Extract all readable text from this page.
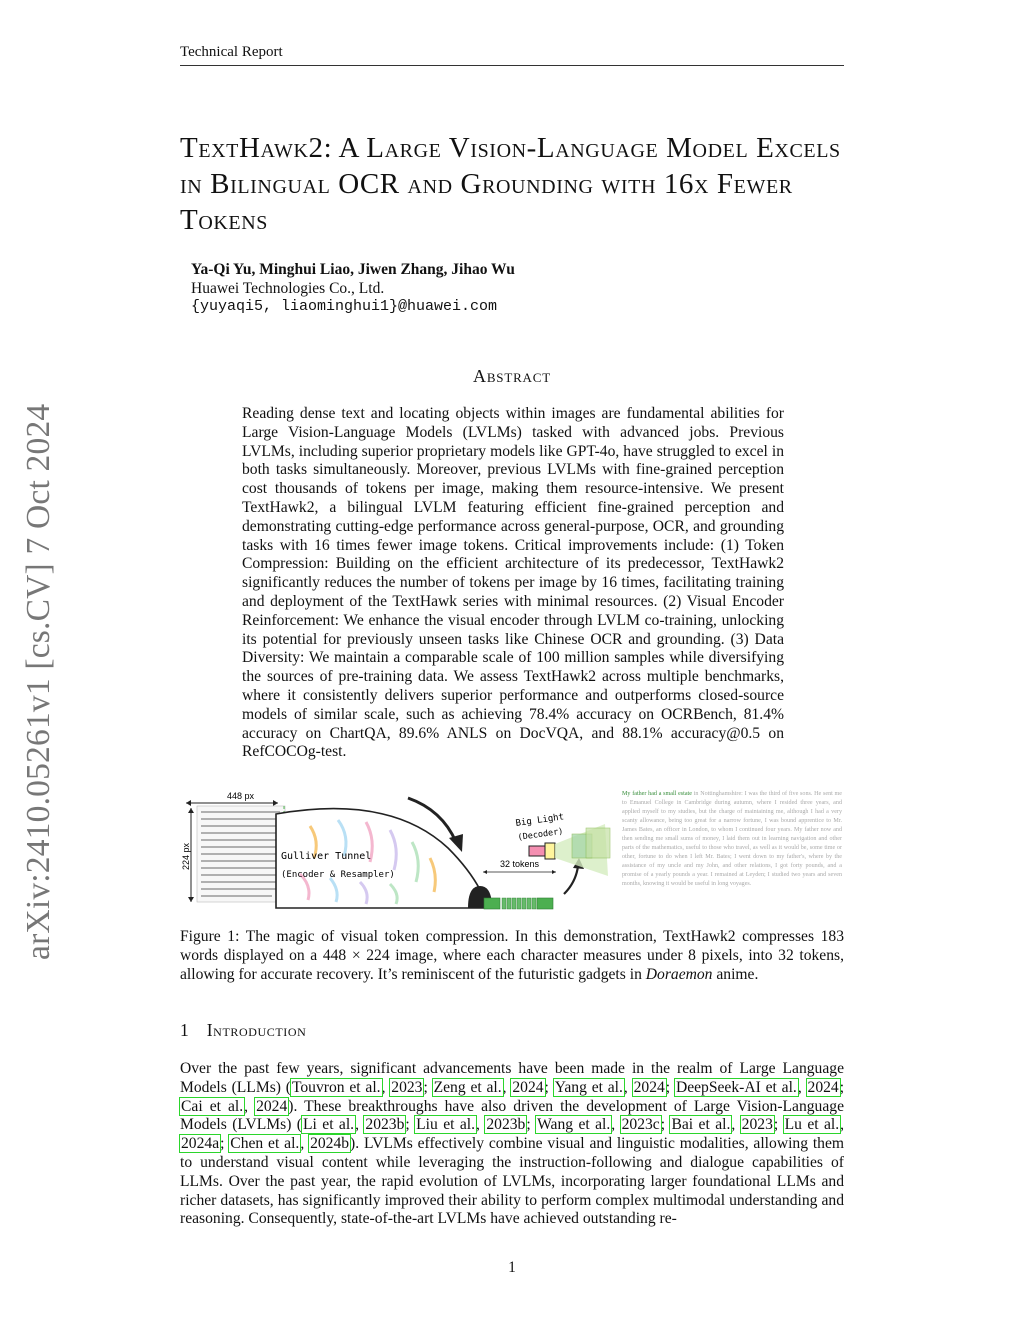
Technical Report
arXiv:2410.05261v1 [cs.CV] 7 Oct 2024
TextHawk2: A Large Vision-Language Model Excels in Bilingual OCR and Grounding with 16x Fewer Tokens
Ya-Qi Yu, Minghui Liao, Jiwen Zhang, Jihao Wu
Huawei Technologies Co., Ltd.
{yuyaqi5, liaominghui1}@huawei.com
Abstract
Reading dense text and locating objects within images are fundamental abilities for Large Vision-Language Models (LVLMs) tasked with advanced jobs. Previous LVLMs, including superior proprietary models like GPT-4o, have struggled to excel in both tasks simultaneously. Moreover, previous LVLMs with fine-grained perception cost thousands of tokens per image, making them resource-intensive. We present TextHawk2, a bilingual LVLM featuring efficient fine-grained perception and demonstrating cutting-edge performance across general-purpose, OCR, and grounding tasks with 16 times fewer image tokens. Critical improvements include: (1) Token Compression: Building on the efficient architecture of its predecessor, TextHawk2 significantly reduces the number of tokens per image by 16 times, facilitating training and deployment of the TextHawk series with minimal resources. (2) Visual Encoder Reinforcement: We enhance the visual encoder through LVLM co-training, unlocking its potential for previously unseen tasks like Chinese OCR and grounding. (3) Data Diversity: We maintain a comparable scale of 100 million samples while diversifying the sources of pre-training data. We assess TextHawk2 across multiple benchmarks, where it consistently delivers superior performance and outperforms closed-source models of similar scale, such as achieving 78.4% accuracy on OCRBench, 81.4% accuracy on ChartQA, 89.6% ANLS on DocVQA, and 88.1% accuracy@0.5 on RefCOCOg-test.
448 px
224 px	Gulliver Tunnel
(Encoder & Resampler)
32 tokens
Big Light
(Decoder)
My father had a small estate in Nottinghamshire: I was the third of five sons. He sent me to Emanuel College in Cambridge during autumn, where I resided three years, and applied myself to my studies, but the charge of maintaining me, although I had a very scanty allowance, being too great for a narrow fortune, I was bound apprentice to Mr. James Bates, an officer in London, to whom I continued four years. My father now and then sending me small sums of money, I laid them out in learning navigation and other parts of the mathematics, useful to those who travel, as well as it would be, some time or other, fortune to do when I left Mr. Bates; I went down to my father's, where by the assistance of my uncle and my John, and other relations, I got forty pounds, and a promise of a yearly pounds a year. I remained at Leyden; I studied two years and seven months, knowing it would be useful in long voyages.
Figure 1: The magic of visual token compression. In this demonstration, TextHawk2 compresses 183 words displayed on a 448 × 224 image, where each character measures under 8 pixels, into 32 tokens, allowing for accurate recovery. It’s reminiscent of the futuristic gadgets in Doraemon anime.
1 Introduction
Over the past few years, significant advancements have been made in the realm of Large Language Models (LLMs) (Touvron et al., 2023; Zeng et al., 2024; Yang et al., 2024; DeepSeek-AI et al., 2024; Cai et al., 2024). These breakthroughs have also driven the development of Large Vision-Language Models (LVLMs) (Li et al., 2023b; Liu et al., 2023b; Wang et al., 2023c; Bai et al., 2023; Lu et al., 2024a; Chen et al., 2024b). LVLMs effectively combine visual and linguistic modalities, allowing them to understand visual content while leveraging the instruction-following and dialogue capabilities of LLMs. Over the past year, the rapid evolution of LVLMs, incorporating larger foundational LLMs and richer datasets, has significantly improved their ability to perform complex multimodal understanding and reasoning. Consequently, state-of-the-art LVLMs have achieved outstanding re-
1
